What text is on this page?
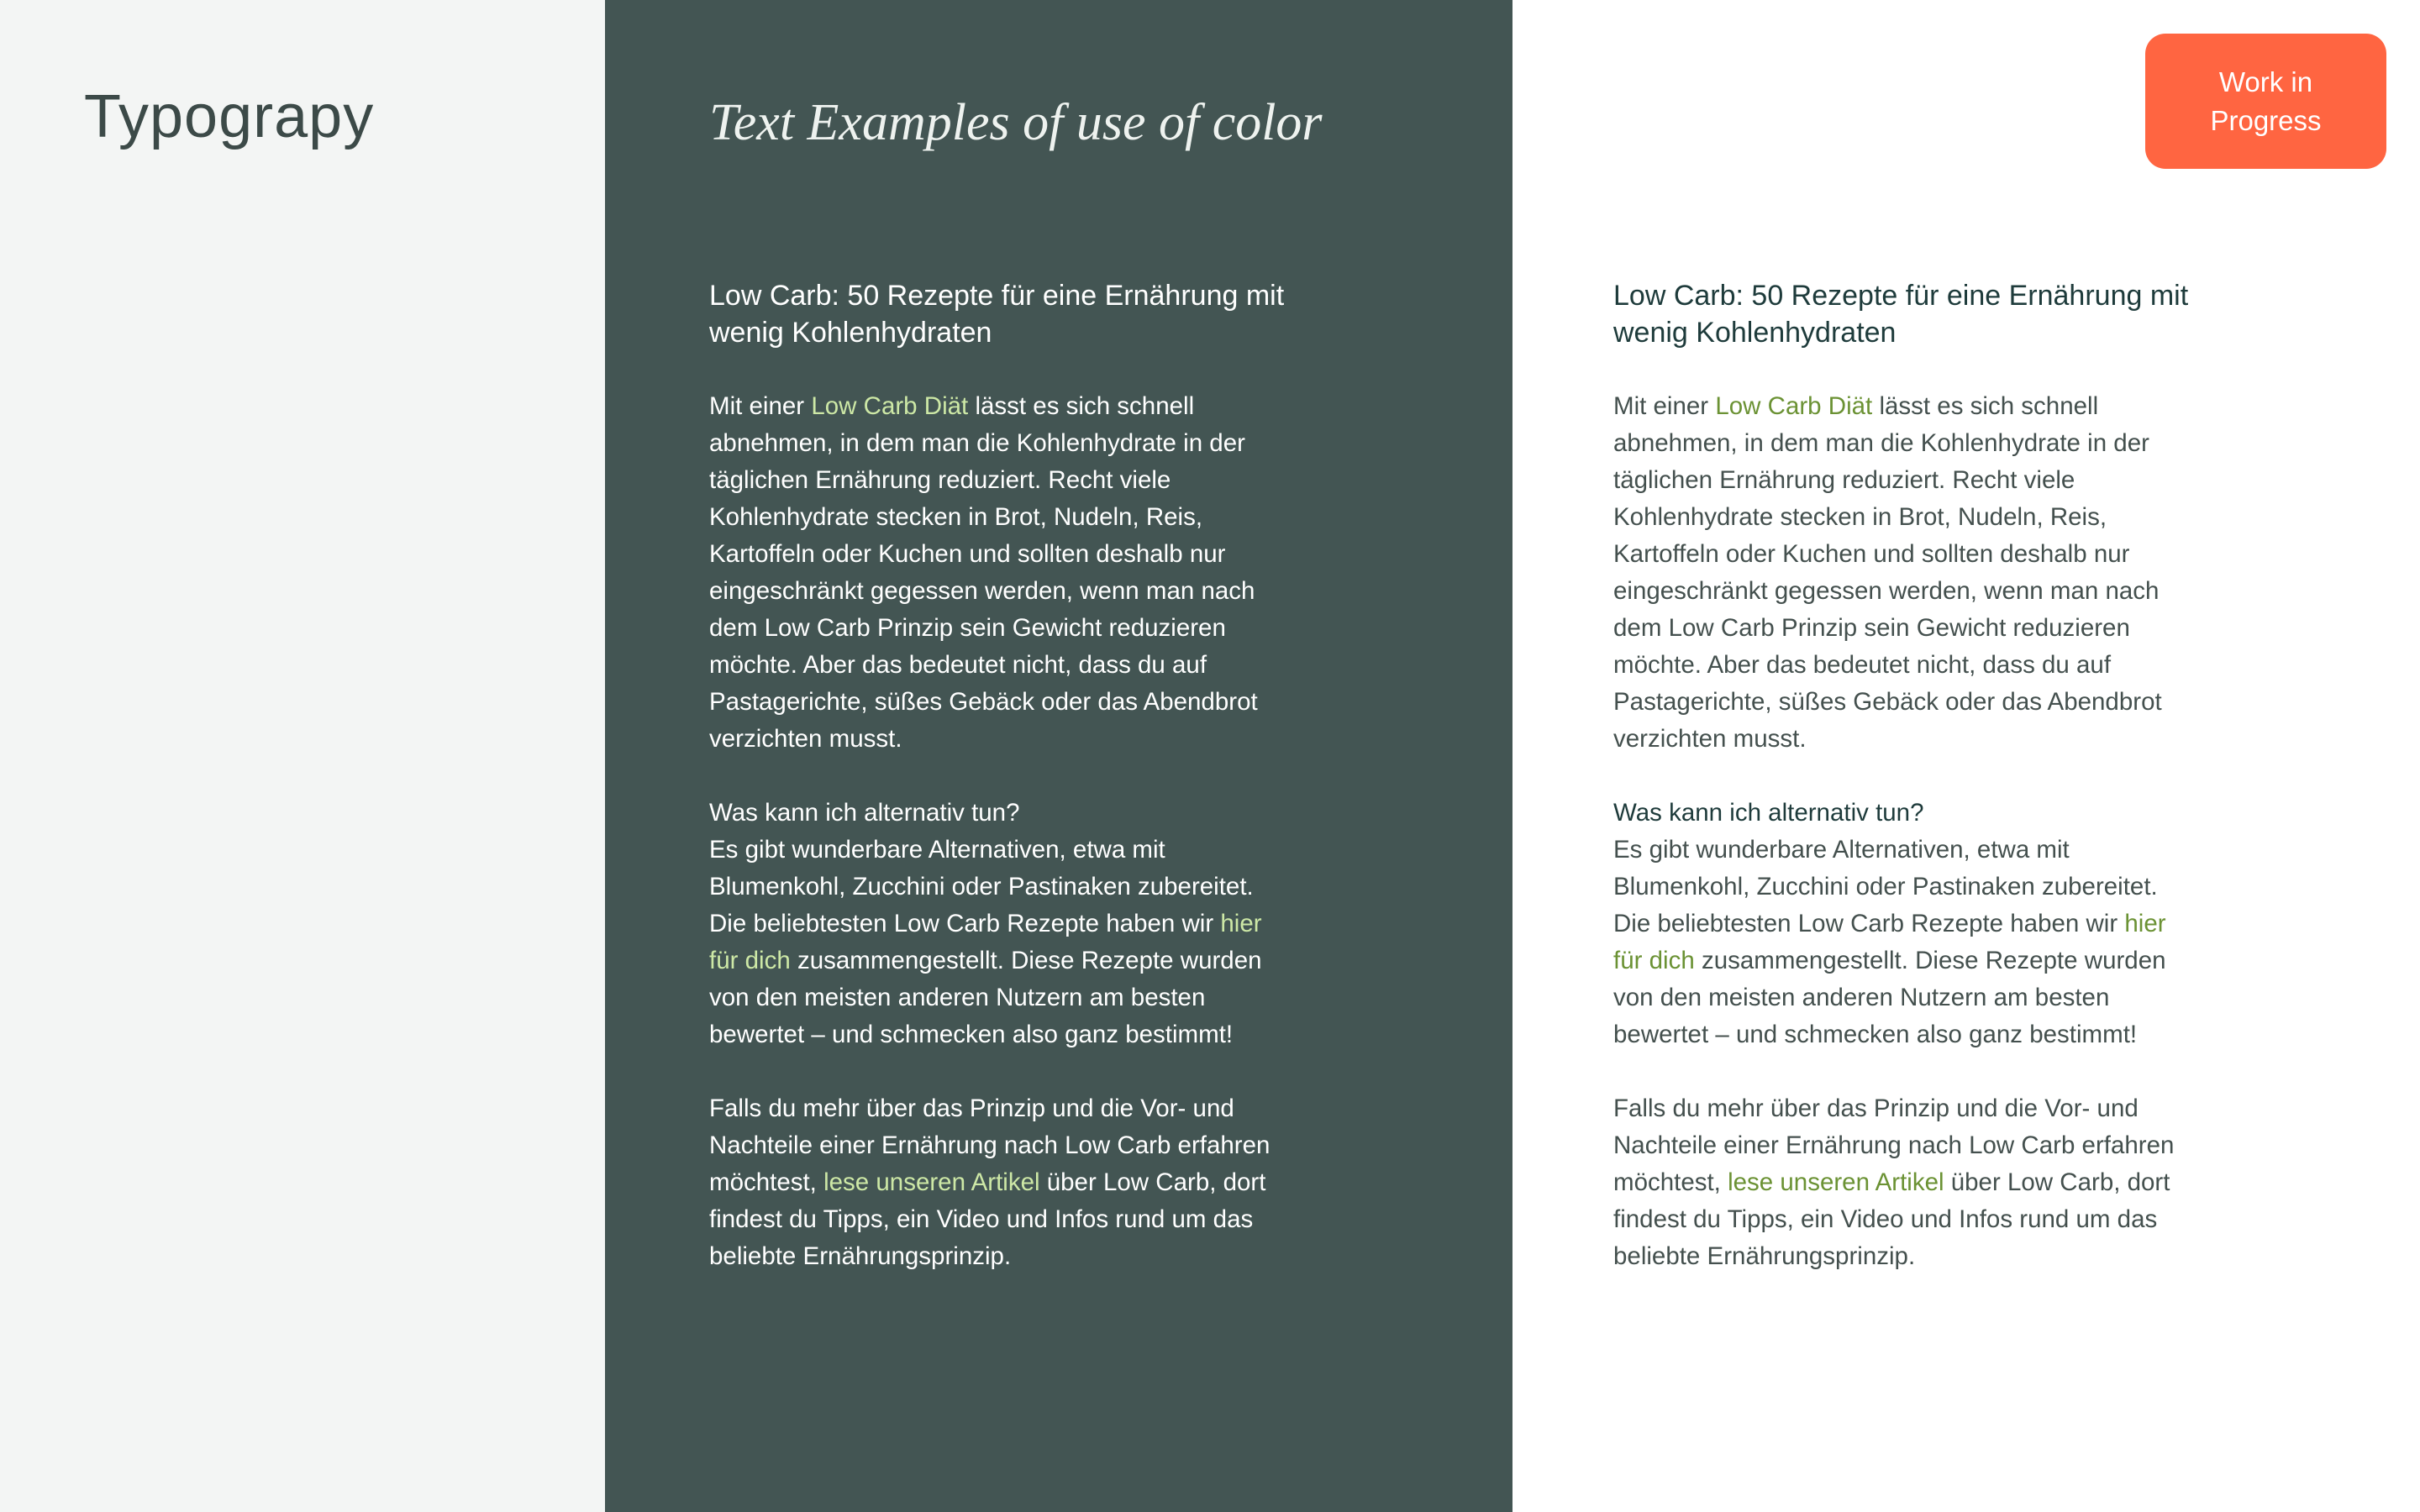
Typograpy	Text Examples of use of color
Low Carb: 50 Rezepte für eine Ernährung mit wenig Kohlenhydraten

Mit einer Low Carb Diät lässt es sich schnell abnehmen, in dem man die Kohlenhydrate in der täglichen Ernährung reduziert. Recht viele Kohlenhydrate stecken in Brot, Nudeln, Reis, Kartoffeln oder Kuchen und sollten deshalb nur eingeschränkt gegessen werden, wenn man nach dem Low Carb Prinzip sein Gewicht reduzieren möchte. Aber das bedeutet nicht, dass du auf Pastagerichte, süßes Gebäck oder das Abendbrot verzichten musst.

Was kann ich alternativ tun?
Es gibt wunderbare Alternativen, etwa mit Blumenkohl, Zucchini oder Pastinaken zubereitet. Die beliebtesten Low Carb Rezepte haben wir hier für dich zusammengestellt. Diese Rezepte wurden von den meisten anderen Nutzern am besten bewertet – und schmecken also ganz bestimmt!

Falls du mehr über das Prinzip und die Vor- und Nachteile einer Ernährung nach Low Carb erfahren möchtest, lese unseren Artikel über Low Carb, dort findest du Tipps, ein Video und Infos rund um das beliebte Ernährungsprinzip.

Low Carb: 50 Rezepte für eine Ernährung mit wenig Kohlenhydraten

Mit einer Low Carb Diät lässt es sich schnell abnehmen, in dem man die Kohlenhydrate in der täglichen Ernährung reduziert. Recht viele Kohlenhydrate stecken in Brot, Nudeln, Reis, Kartoffeln oder Kuchen und sollten deshalb nur eingeschränkt gegessen werden, wenn man nach dem Low Carb Prinzip sein Gewicht reduzieren möchte. Aber das bedeutet nicht, dass du auf Pastagerichte, süßes Gebäck oder das Abendbrot verzichten musst.

Was kann ich alternativ tun?
Es gibt wunderbare Alternativen, etwa mit Blumenkohl, Zucchini oder Pastinaken zubereitet. Die beliebtesten Low Carb Rezepte haben wir hier für dich zusammengestellt. Diese Rezepte wurden von den meisten anderen Nutzern am besten bewertet – und schmecken also ganz bestimmt!

Falls du mehr über das Prinzip und die Vor- und Nachteile einer Ernährung nach Low Carb erfahren möchtest, lese unseren Artikel über Low Carb, dort findest du Tipps, ein Video und Infos rund um das beliebte Ernährungsprinzip.

Work in Progress
